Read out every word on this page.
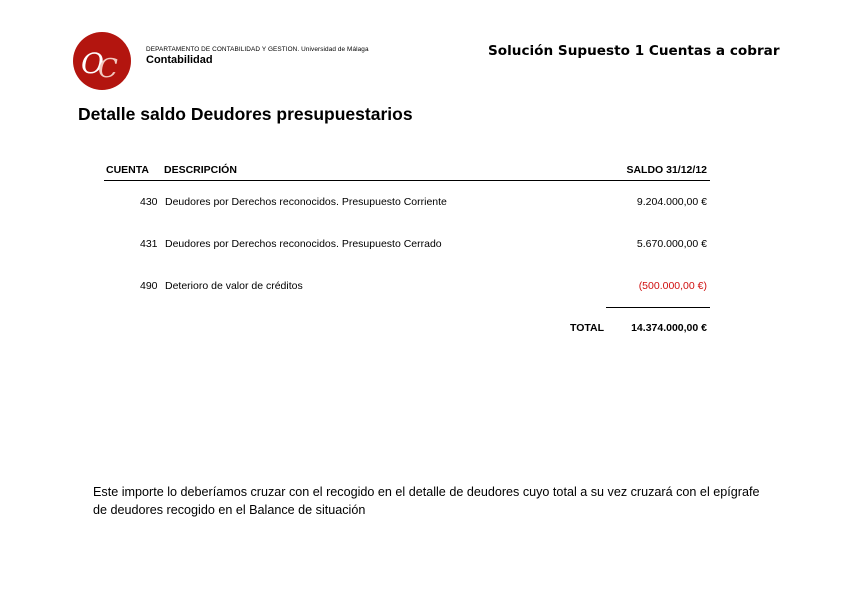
O
C
DEPARTAMENTO DE CONTABILIDAD Y GESTION. Universidad de Málaga
Contabilidad
Solución Supuesto 1 Cuentas a cobrar
Detalle saldo Deudores presupuestarios
CUENTA DESCRIPCIÓN	SALDO 31/12/12
430 Deudores por Derechos reconocidos. Presupuesto Corriente	9.204.000,00 €
431 Deudores por Derechos reconocidos. Presupuesto Cerrado	5.670.000,00 €
490 Deterioro de valor de créditos	(500.000,00 €)
TOTAL	14.374.000,00 €
Este importe lo deberíamos cruzar con el recogido en el detalle de deudores cuyo total a su vez cruzará con el epígrafe de deudores recogido en el Balance de situación
